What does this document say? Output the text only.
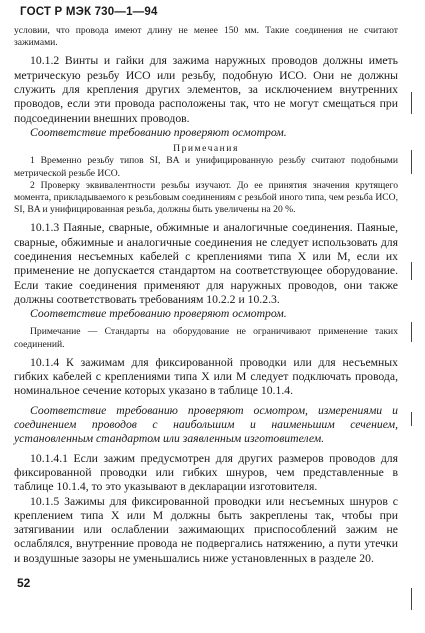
ГОСТ Р МЭК 730—1—94

условии, что провода имеют длину не менее 150 мм. Такие соединения не считают зажимами.

10.1.2 Винты и гайки для зажима наружных проводов должны иметь метрическую резьбу ИСО или резьбу, подобную ИСО. Они не должны служить для крепления других элементов, за исключением внутренних проводов, если эти провода расположены так, что не могут смещаться при подсоединении внешних проводов.

Соответствие требованию проверяют осмотром.

Примечания

1 Временно резьбу типов SI, BA и унифицированную резьбу считают подобными метрической резьбе ИСО.

2 Проверку эквивалентности резьбы изучают. До ее принятия значения крутящего момента, прикладываемого к резьбовым соединениям с резьбой иного типа, чем резьба ИСО, SI, BA и унифицированная резьба, должны быть увеличены на 20 %.

10.1.3 Паяные, сварные, обжимные и аналогичные соединения. Паяные, сварные, обжимные и аналогичные соединения не следует использовать для соединения несъемных кабелей с креплениями типа X или M, если их применение не допускается стандартом на соответствующее оборудование. Если такие соединения применяют для наружных проводов, они также должны соответствовать требованиям 10.2.2 и 10.2.3.

Соответствие требованию проверяют осмотром.

Примечание — Стандарты на оборудование не ограничивают применение таких соединений.

10.1.4 К зажимам для фиксированной проводки или для несъемных гибких кабелей с креплениями типа X или M следует подключать провода, номинальное сечение которых указано в таблице 10.1.4.

Соответствие требованию проверяют осмотром, измерениями и соединением проводов с наибольшим и наименьшим сечением, установленным стандартом или заявленным изготовителем.

10.1.4.1 Если зажим предусмотрен для других размеров проводов для фиксированной проводки или гибких шнуров, чем представленные в таблице 10.1.4, то это указывают в декларации изготовителя.

10.1.5 Зажимы для фиксированной проводки или несъемных шнуров с креплением типа X или M должны быть закреплены так, чтобы при затягивании или ослаблении зажимающих приспособлений зажим не ослаблялся, внутренние провода не подвергались натяжению, а пути утечки и воздушные зазоры не уменьшались ниже установленных в разделе 20.

52
